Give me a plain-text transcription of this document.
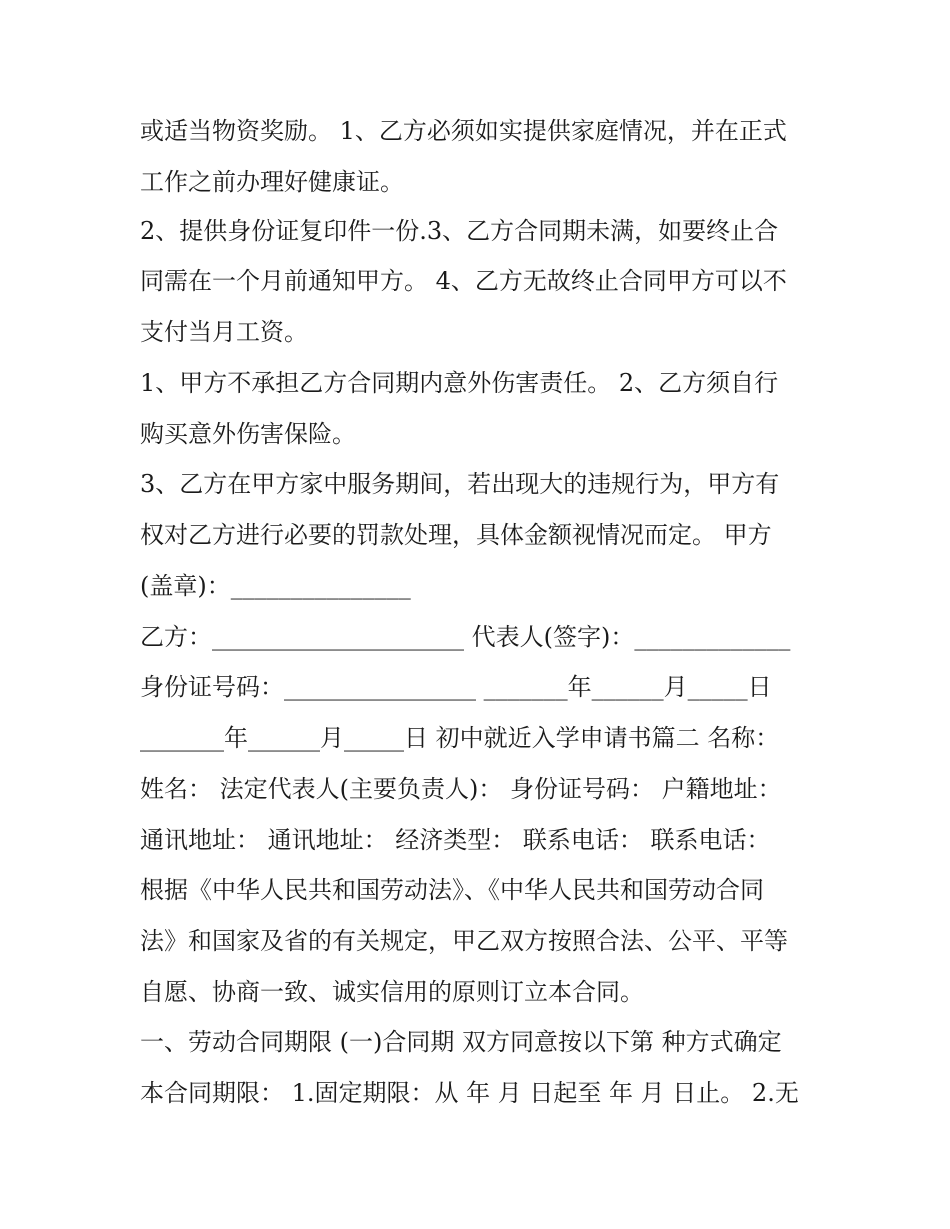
或适当物资奖励。 1、乙方必须如实提供家庭情况，并在正式
工作之前办理好健康证。
2、提供身份证复印件一份.3、乙方合同期未满，如要终止合
同需在一个月前通知甲方。 4、乙方无故终止合同甲方可以不
支付当月工资。
1、甲方不承担乙方合同期内意外伤害责任。 2、乙方须自行
购买意外伤害保险。
3、乙方在甲方家中服务期间，若出现大的违规行为，甲方有
权对乙方进行必要的罚款处理，具体金额视情况而定。 甲方
(盖章)：_______________
乙方：_____________________ 代表人(签字)：_____________
身份证号码：________________ _______年______月_____日
_______年______月_____日 初中就近入学申请书篇二 名称：
姓名： 法定代表人(主要负责人)： 身份证号码： 户籍地址：
通讯地址： 通讯地址： 经济类型： 联系电话： 联系电话：
根据《中华人民共和国劳动法》、《中华人民共和国劳动合同
法》和国家及省的有关规定，甲乙双方按照合法、公平、平等
自愿、协商一致、诚实信用的原则订立本合同。
一、劳动合同期限 (一)合同期 双方同意按以下第 种方式确定
本合同期限： 1.固定期限：从 年 月 日起至 年 月 日止。 2.无
